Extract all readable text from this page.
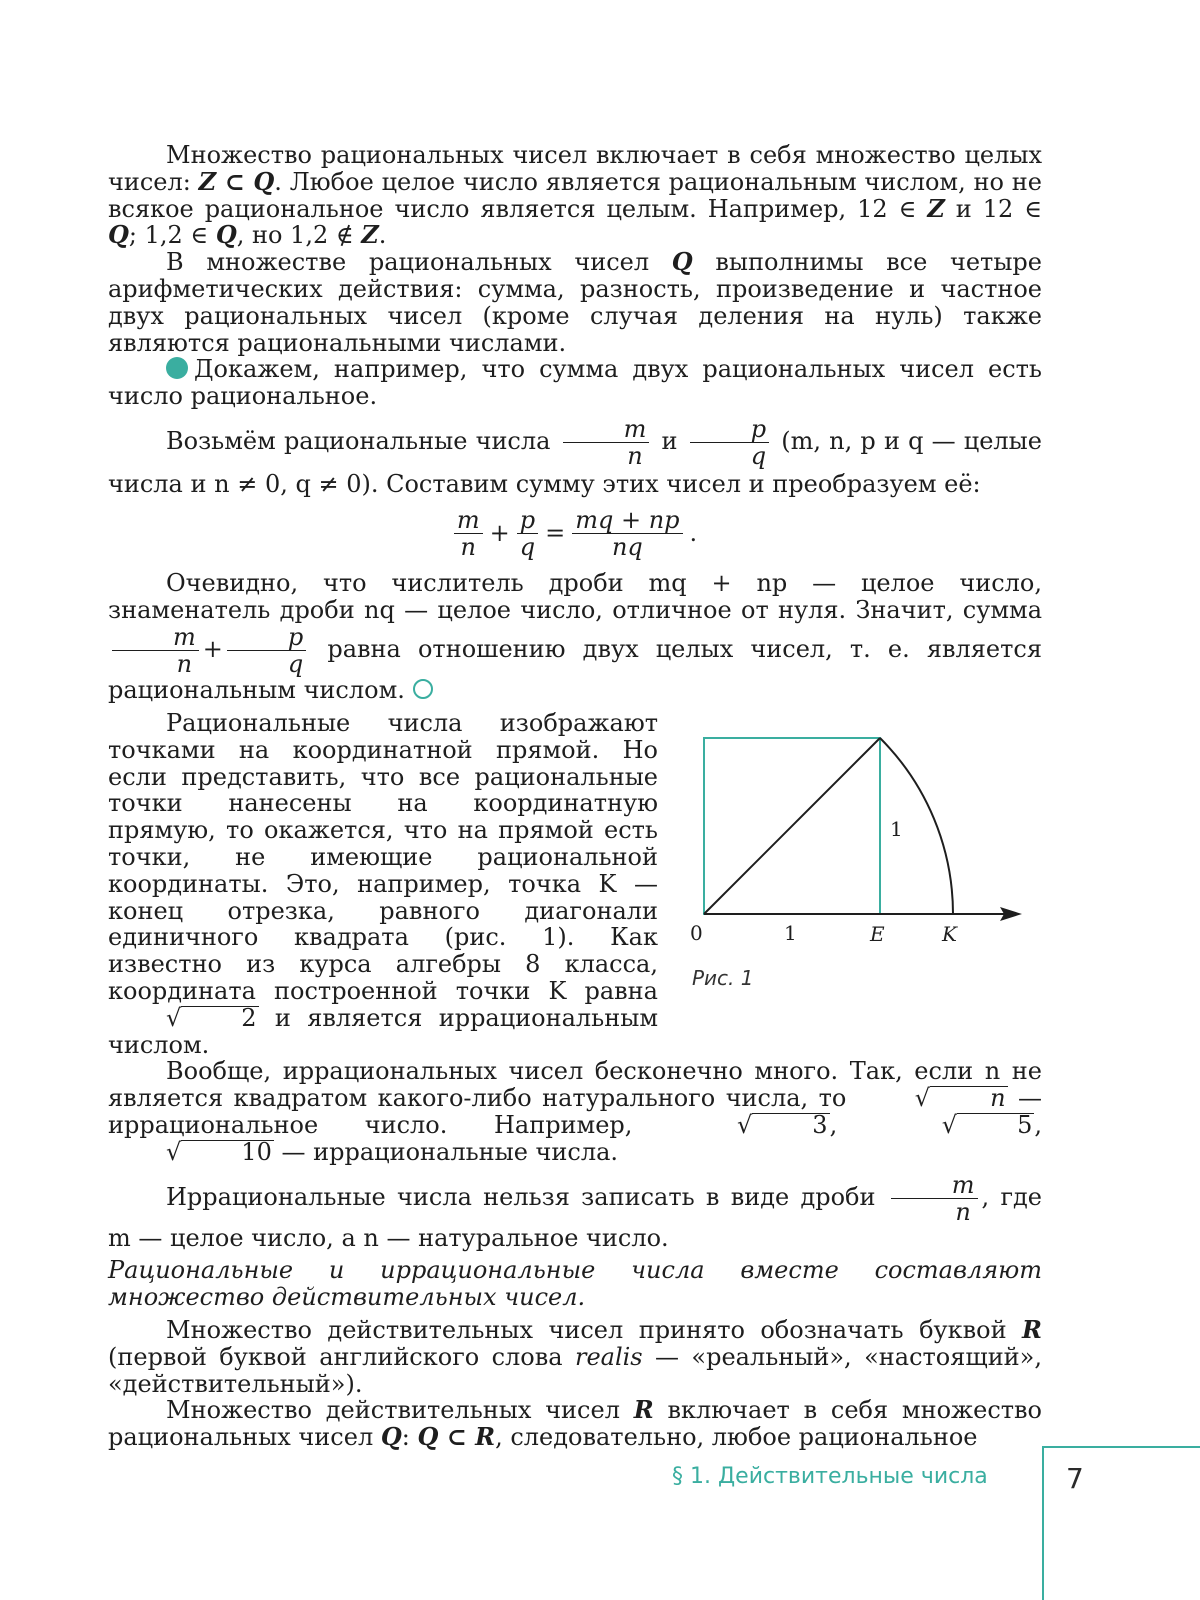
Множество рациональных чисел включает в себя множество целых чисел: Z ⊂ Q. Любое целое число является рациональным числом, но не всякое рациональное число является целым. Например, 12 ∈ Z и 12 ∈ Q; 1,2 ∈ Q, но 1,2 ∉ Z.

В множестве рациональных чисел Q выполнимы все четыре арифметических действия: сумма, разность, произведение и частное двух рациональных чисел (кроме случая деления на нуль) также являются рациональными числами.

Докажем, например, что сумма двух рациональных чисел есть число рациональное.

Возьмём рациональные числа $\frac{m}{n}$ и $\frac{p}{q} (m$, n, p и q — целые числа и n ≠ 0, q ≠ 0). Составим сумму этих чисел и преобразуем её:

$\frac{m}{n} + \frac{p}{q} = \frac{mq + np}{nq}$ .

Очевидно, что числитель дроби mq + np — целое число, знаменатель дроби nq — целое число, отличное от нуля. Значит, сумма
$\frac{m}{n} + \frac{p}{q}$ равна отношению двух целых чисел, т. е. является рациональным числом.

Рациональные числа изображают точками на координатной прямой. Но если представить, что все рациональные точки нанесены на координатную прямую, то окажется, что на прямой есть точки, не имеющие рациональной координаты. Это, например, точка K — конец отрезка, равного диагонали единичного квадрата (рис. 1). Как известно из курса алгебры 8 класса, координата построенной точки K равна √	2 и является иррациональным числом.

Вообще, иррациональных чисел бесконечно много. Так, если n не является квадратом какого-либо натурального числа, то √	n — иррациональное число. Например, √	3, √	5, √	10 — иррациональные числа.

Иррациональные числа нельзя записать в виде дроби $\frac{m}{n}$ , где m — целое число, а n — натуральное число.

Рациональные и иррациональные числа вместе составляют множество действительных чисел.

Множество действительных чисел принято обозначать буквой R (первой буквой английского слова realis — «реальный», «настоящий», «действительный»).

Множество действительных чисел R включает в себя множество рациональных чисел Q: Q ⊂ R, следовательно, любое рациональное

1
0	1	E	K
Рис. 1
§ 1. Действительные числа	7
